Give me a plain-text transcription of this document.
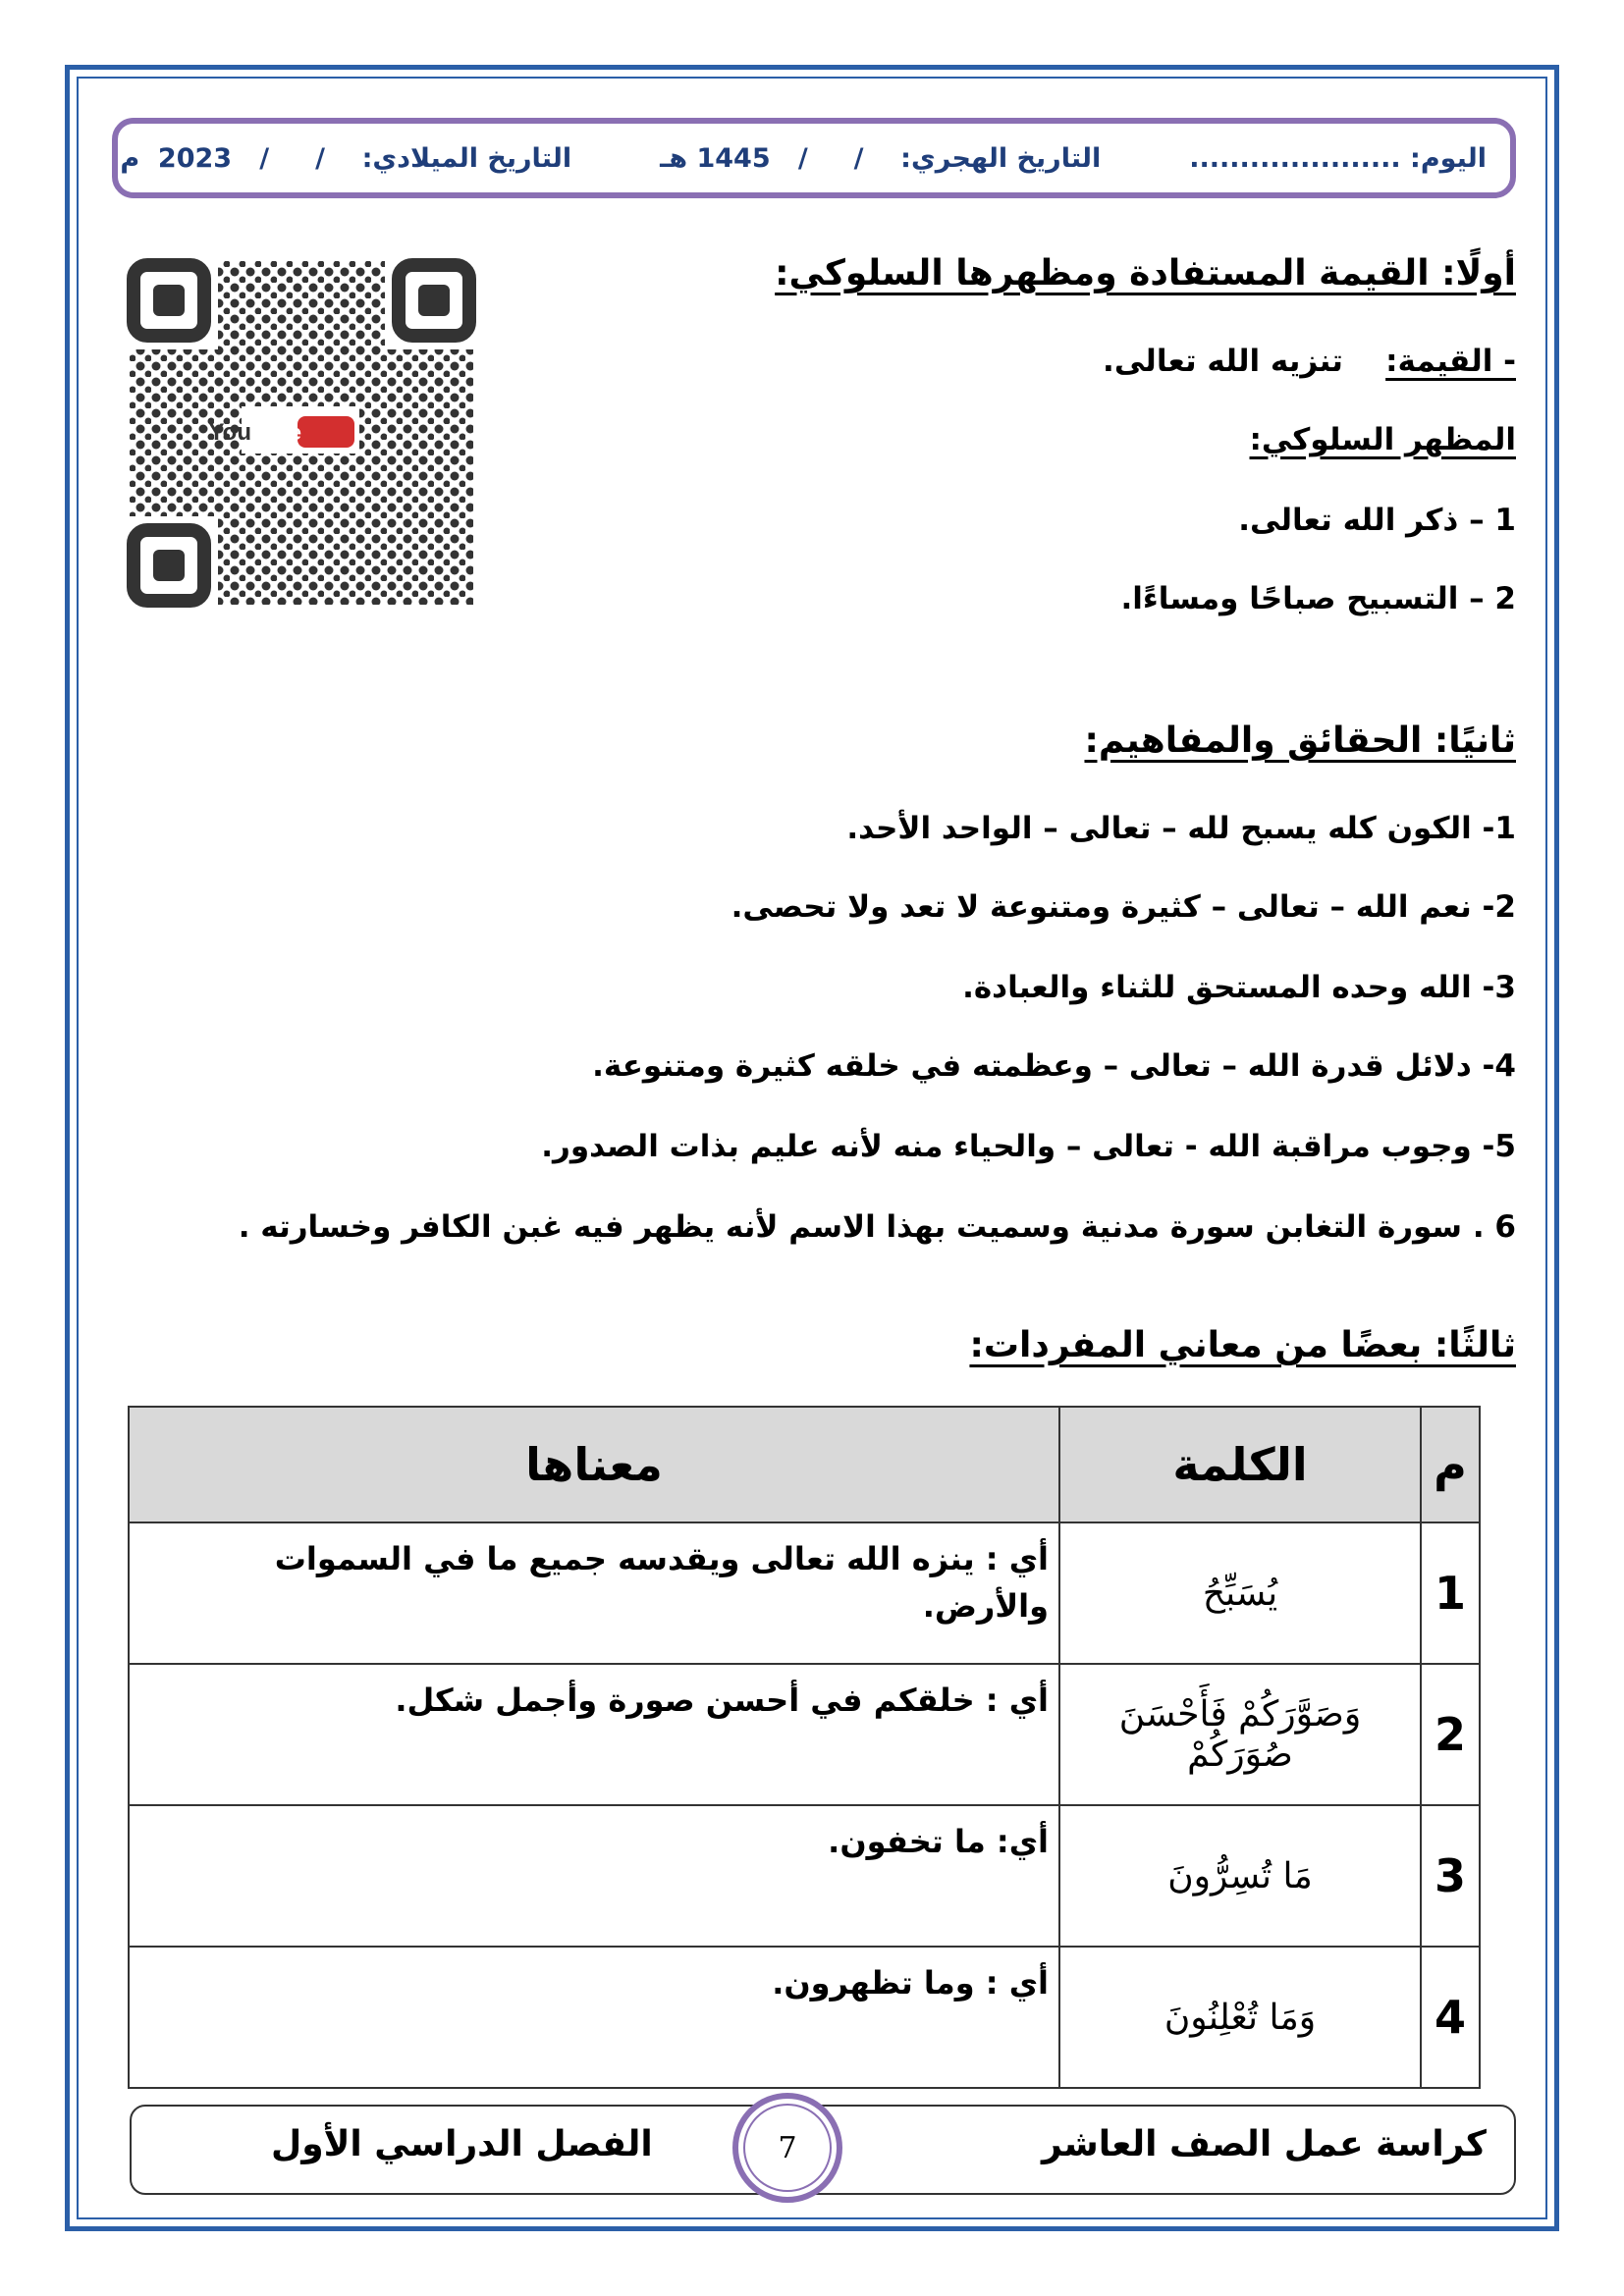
اليوم: .....................
التاريخ الهجري:    /     /   1445 هـ
التاريخ الميلادي:    /     /   2023  م
You Tube
أولًا: القيمة المستفادة ومظهرها السلوكي:
- القيمة:    تنزيه الله تعالى.
المظهر السلوكي:
1 – ذكر الله تعالى.
2 – التسبيح صباحًا ومساءًا.
ثانيًا: الحقائق والمفاهيم:
1- الكون كله يسبح لله – تعالى – الواحد الأحد.
2- نعم الله – تعالى – كثيرة ومتنوعة لا تعد ولا تحصى.
3- الله وحده المستحق للثناء والعبادة.
4- دلائل قدرة الله – تعالى – وعظمته في خلقه كثيرة ومتنوعة.
5- وجوب مراقبة الله - تعالى – والحياء منه لأنه عليم بذات الصدور.
6 . سورة التغابن سورة مدنية وسميت بهذا الاسم لأنه يظهر فيه غبن الكافر وخسارته .
ثالثًا: بعضًا من معاني المفردات:
م	الكلمة	معناها
1	يُسَبِّحُ	أي : ينزه الله تعالى ويقدسه جميع ما في السموات والأرض.
2	وَصَوَّرَكُمْ فَأَحْسَنَ صُوَرَكُمْ	أي : خلقكم في أحسن صورة وأجمل شكل.
3	مَا تُسِرُّونَ	أي: ما تخفون.
4	وَمَا تُعْلِنُونَ	أي : وما تظهرون.
كراسة عمل الصف العاشر
الفصل الدراسي الأول	7
